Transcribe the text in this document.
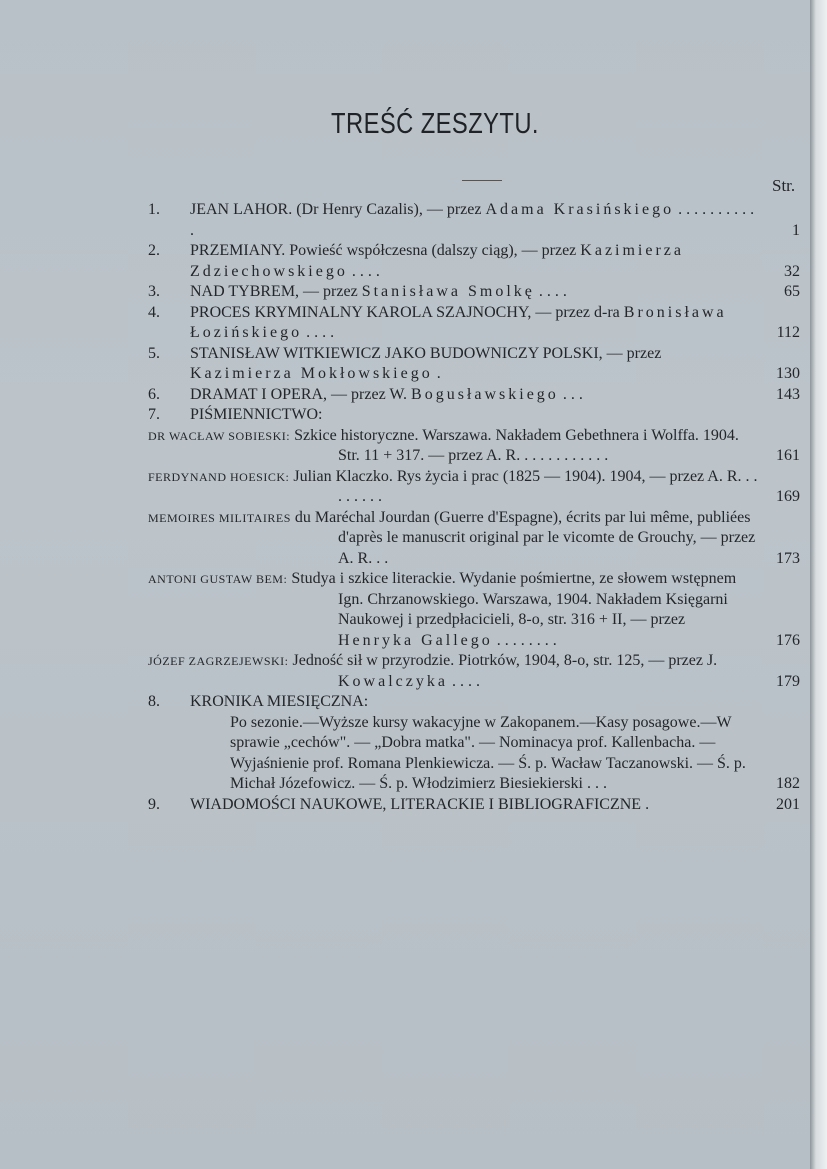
TREŚĆ ZESZYTU.
Str.
1. JEAN LAHOR. (Dr Henry Cazalis), — przez Adama Krasińskiego . . . . . . . . . . .	1
2. PRZEMIANY. Powieść współczesna (dalszy ciąg), — przez Kazimierza Zdziechowskiego . . . .	32
3. NAD TYBREM, — przez Stanisława Smolkę . . . .	65
4. PROCES KRYMINALNY KAROLA SZAJNOCHY, — przez d-ra Bronisława Łozińskiego . . . .	112
5. STANISŁAW WITKIEWICZ JAKO BUDOWNICZY POLSKI, — przez Kazimierza Mokłowskiego .	130
6. DRAMAT I OPERA, — przez W. Bogusławskiego . . .	143
7. PIŚMIENNICTWO:
DR WACŁAW SOBIESKI: Szkice historyczne. Warszawa. Nakładem Gebethnera i Wolffa. 1904. Str. 11 + 317. — przez A. R. . . . . . . . . . . .	161
FERDYNAND HOESICK: Julian Klaczko. Rys życia i prac (1825 — 1904). 1904, — przez A. R. . . . . . . . .	169
MEMOIRES MILITAIRES du Maréchal Jourdan (Guerre d'Espagne), écrits par lui même, publiées d'après le manuscrit original par le vicomte de Grouchy, — przez A. R. . .	173
ANTONI GUSTAW BEM: Studya i szkice literackie. Wydanie pośmiertne, ze słowem wstępnem Ign. Chrzanowskiego. Warszawa, 1904. Nakładem Księgarni Naukowej i przedpłacicieli, 8-o, str. 316 + II, — przez Henryka Gallego . . . . . . . .	176
JÓZEF ZAGRZEJEWSKI: Jedność sił w przyrodzie. Piotrków, 1904, 8-o, str. 125, — przez J. Kowalczyka . . . .	179
8. KRONIKA MIESIĘCZNA:
Po sezonie.—Wyższe kursy wakacyjne w Zakopanem.—Kasy posagowe.—W sprawie „cechów". — „Dobra matka". — Nominacya prof. Kallenbacha. — Wyjaśnienie prof. Romana Plenkiewicza. — Ś. p. Wacław Taczanowski. — Ś. p. Michał Józefowicz. — Ś. p. Włodzimierz Biesiekierski . . .	182
9. WIADOMOŚCI NAUKOWE, LITERACKIE I BIBLIOGRAFICZNE .	201
